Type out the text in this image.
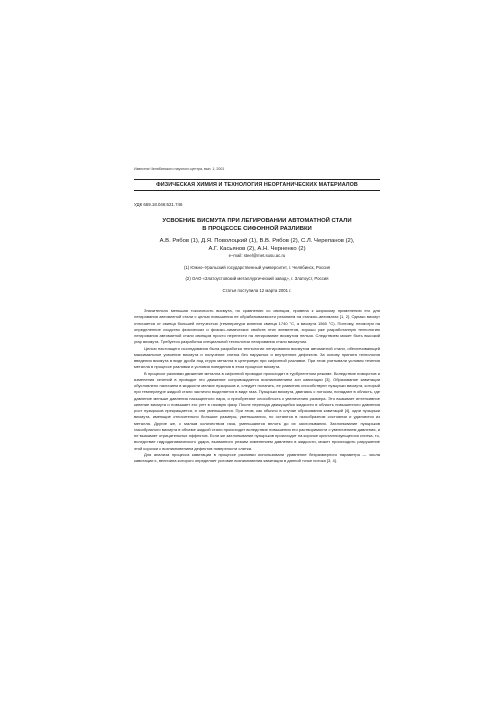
Известия Челябинского научного центра, вып. 1, 2001
ФИЗИЧЕСКАЯ ХИМИЯ И ТЕХНОЛОГИЯ НЕОРГАНИЧЕСКИХ МАТЕРИАЛОВ
УДК 669.18.046:621.746
УСВОЕНИЕ ВИСМУТА ПРИ ЛЕГИРОВАНИИ АВТОМАТНОЙ СТАЛИ
В ПРОЦЕССЕ СИФОННОЙ РАЗЛИВКИ
А.В. Рябов (1), Д.Я. Поволоцкий (1), В.В. Рябов (2), С.Л. Черепанов (2),
А.Г. Касьянов (2), А.Н. Черненко (2)
e–mail: steel@met.susu.ac.ru
(1) Южно–Уральский государственный университет, г. Челябинск, Россия
(2) ОАО «Златоустовский металлургический завод», г. Златоуст, Россия
Статья поступила 12 марта 2001 г.

Значительно меньшая токсичность висмута, по сравнению со свинцом, привела к широкому применению его для легирования автоматной стали с целью повышения ее обрабатываемости резанием на станках–автоматах [1, 2]. Однако висмут отличается от свинца большей летучестью (температура кипения свинца 1740 °С, а висмута 1560 °С). Поэтому, несмотря на определенное сходство физических и физико–химических свойств этих элементов, хорошо уже разработанную технологию легирования автоматной стали свинцом просто перенести на легирование висмутом нельзя. Следствием может быть высокий угар висмута. Требуется разработка специальной технологии легирования стали висмутом.

Целью настоящего исследования была разработка технологии легирования висмутом автоматной стали, обеспечивающей максимальное усвоение висмута и получение слитка без наружных и внутренних дефектов. За основу принята технология введения висмута в виде дроби под струю металла в центровую при сифонной разливке. При этом учитывали условия течения металла в процессе разливки и условия поведения в этом процессе висмута.

В процессе разливки движение металла в сифонной проводке происходит в турбулентном режиме. Вследствие поворотов и изменения сечений в проводке это движение сопровождается возникновением зон кавитации [3]. Образование кавитации обусловлено наличием в жидкости мелких пузырьков и, следует полагать, ее развитию способствуют пузырьки висмута, который при температуре жидкой стали частично выделяется в виде газа. Пузырьки висмута, двигаясь с потоком, попадают в область, где давление меньше давления насыщенного пара, и преобретают способность к увеличению размера. Это вызывает интенсивное кипение висмута и повышает его угет в газовую фазу. После перехода движущейся жидкости в область повышенного давления рост пузырьков прекращается, и они уменьшаются. При этом, как обычно в случае образования кавитаций [4], одни пузырьки висмута, имеющие относительно большие размеры, уменьшаются, но остаются в газообразном состоянии и удаляются из металла. Другие же, с малым количеством газа, уменьшаются вплоть до их захлопывания. Захлопывание пузырьков газообразного висмута в объеме жидкой стали происходит вследствие повышения его растворимости с увеличением давления, и не вызывает отрицательных эффектов. Если же захлопывание пузырьков происходит на корочке кристаллизующегося слитка, то, вследствие гидродинамического удара, вызванного резким изменением давления в жидкости, может происходить разрушение этой корочки с возникновением дефектов поверхности слитка.

Для анализа процесса кавитации в процессе разливки использовали уравнение безразмерного параметра — числа кавитации κ, величина которого определяет условие возникновения кавитации в данной точке потока [3, 4].
